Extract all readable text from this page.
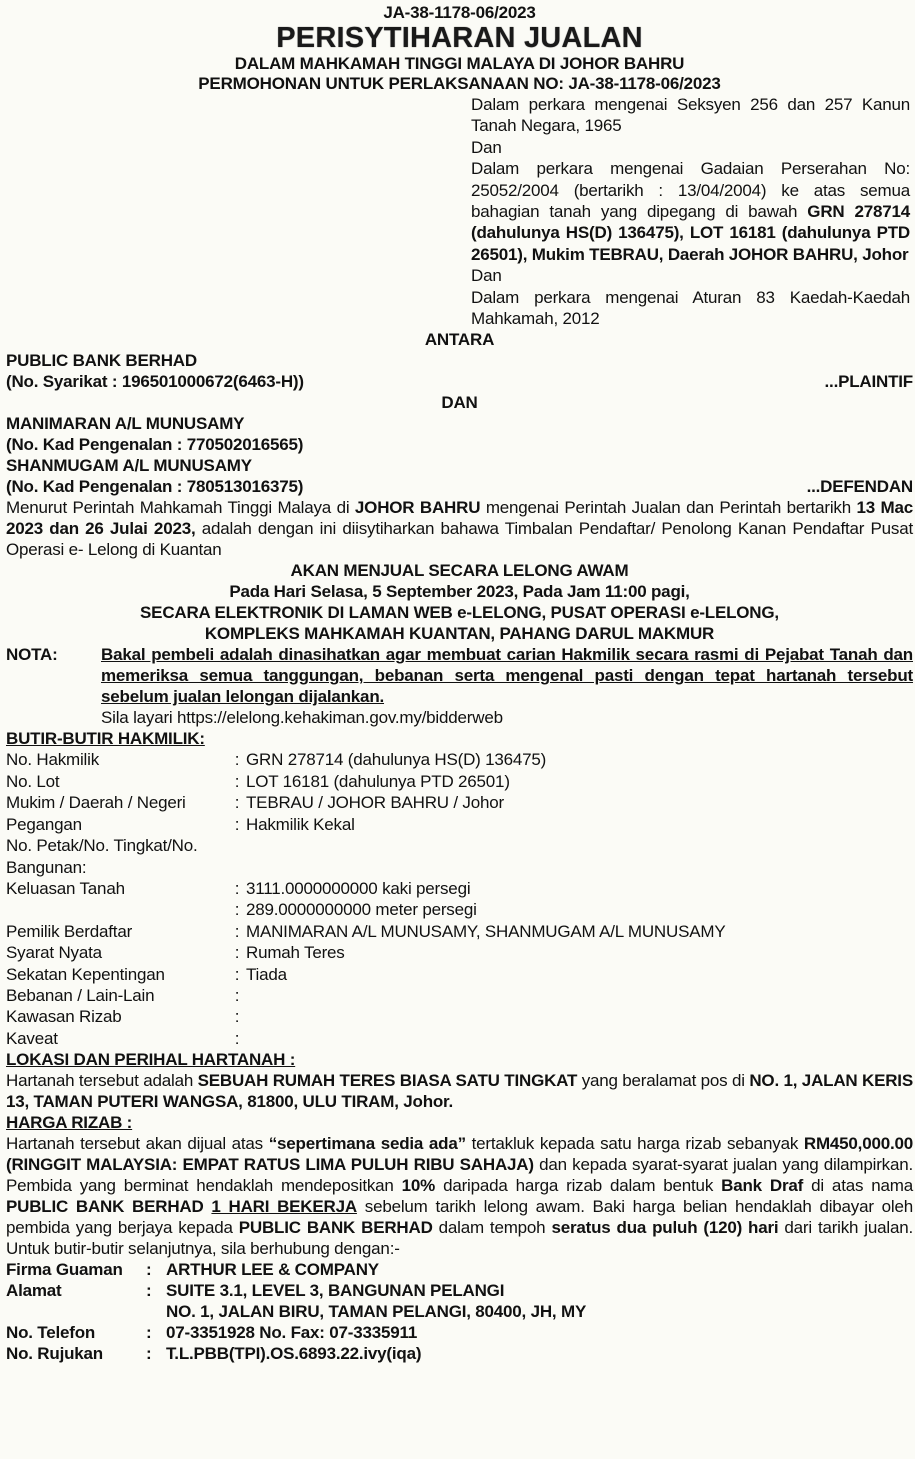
JA-38-1178-06/2023
PERISYTIHARAN JUALAN
DALAM MAHKAMAH TINGGI MALAYA DI JOHOR BAHRU
PERMOHONAN UNTUK PERLAKSANAAN NO: JA-38-1178-06/2023
Dalam perkara mengenai Seksyen 256 dan 257 Kanun Tanah Negara, 1965
Dan
Dalam perkara mengenai Gadaian Perserahan No: 25052/2004 (bertarikh : 13/04/2004) ke atas semua bahagian tanah yang dipegang di bawah GRN 278714 (dahulunya HS(D) 136475), LOT 16181 (dahulunya PTD 26501), Mukim TEBRAU, Daerah JOHOR BAHRU, Johor
Dan
Dalam perkara mengenai Aturan 83 Kaedah-Kaedah Mahkamah, 2012
ANTARA
PUBLIC BANK BERHAD
(No. Syarikat : 196501000672(6463-H))	...PLAINTIF
DAN
MANIMARAN A/L MUNUSAMY
(No. Kad Pengenalan : 770502016565)
SHANMUGAM A/L MUNUSAMY
(No. Kad Pengenalan : 780513016375)	...DEFENDAN
Menurut Perintah Mahkamah Tinggi Malaya di JOHOR BAHRU mengenai Perintah Jualan dan Perintah bertarikh 13 Mac 2023 dan 26 Julai 2023, adalah dengan ini diisytiharkan bahawa Timbalan Pendaftar/ Penolong Kanan Pendaftar Pusat Operasi e- Lelong di Kuantan
AKAN MENJUAL SECARA LELONG AWAM
Pada Hari Selasa, 5 September 2023, Pada Jam 11:00 pagi,
SECARA ELEKTRONIK DI LAMAN WEB e-LELONG, PUSAT OPERASI e-LELONG,
KOMPLEKS MAHKAMAH KUANTAN, PAHANG DARUL MAKMUR
NOTA:	Bakal pembeli adalah dinasihatkan agar membuat carian Hakmilik secara rasmi di Pejabat Tanah dan memeriksa semua tanggungan, bebanan serta mengenal pasti dengan tepat hartanah tersebut sebelum jualan lelongan dijalankan.
Sila layari https://elelong.kehakiman.gov.my/bidderweb
BUTIR-BUTIR HAKMILIK:
No. Hakmilik	:	GRN 278714 (dahulunya HS(D) 136475)
No. Lot	:	LOT 16181 (dahulunya PTD 26501)
Mukim / Daerah / Negeri	:	TEBRAU / JOHOR BAHRU / Johor
Pegangan	:	Hakmilik Kekal
No. Petak/No. Tingkat/No. Bangunan:		
Keluasan Tanah	:	3111.0000000000 kaki persegi
	:	289.0000000000 meter persegi
Pemilik Berdaftar	:	MANIMARAN A/L MUNUSAMY, SHANMUGAM A/L MUNUSAMY
Syarat Nyata	:	Rumah Teres
Sekatan Kepentingan	:	Tiada
Bebanan / Lain-Lain	:	
Kawasan Rizab	:	
Kaveat	:	
LOKASI DAN PERIHAL HARTANAH :
Hartanah tersebut adalah SEBUAH RUMAH TERES BIASA SATU TINGKAT yang beralamat pos di NO. 1, JALAN KERIS 13, TAMAN PUTERI WANGSA, 81800, ULU TIRAM, Johor.
HARGA RIZAB :
Hartanah tersebut akan dijual atas “sepertimana sedia ada” tertakluk kepada satu harga rizab sebanyak RM450,000.00 (RINGGIT MALAYSIA: EMPAT RATUS LIMA PULUH RIBU SAHAJA) dan kepada syarat-syarat jualan yang dilampirkan. Pembida yang berminat hendaklah mendepositkan 10% daripada harga rizab dalam bentuk Bank Draf di atas nama PUBLIC BANK BERHAD 1 HARI BEKERJA sebelum tarikh lelong awam. Baki harga belian hendaklah dibayar oleh pembida yang berjaya kepada PUBLIC BANK BERHAD dalam tempoh seratus dua puluh (120) hari dari tarikh jualan. Untuk butir-butir selanjutnya, sila berhubung dengan:-
Firma Guaman	:	ARTHUR LEE & COMPANY
Alamat	:	SUITE 3.1, LEVEL 3, BANGUNAN PELANGI
		NO. 1, JALAN BIRU, TAMAN PELANGI, 80400, JH, MY
No. Telefon	:	07-3351928 No. Fax: 07-3335911
No. Rujukan	:	T.L.PBB(TPI).OS.6893.22.ivy(iqa)
